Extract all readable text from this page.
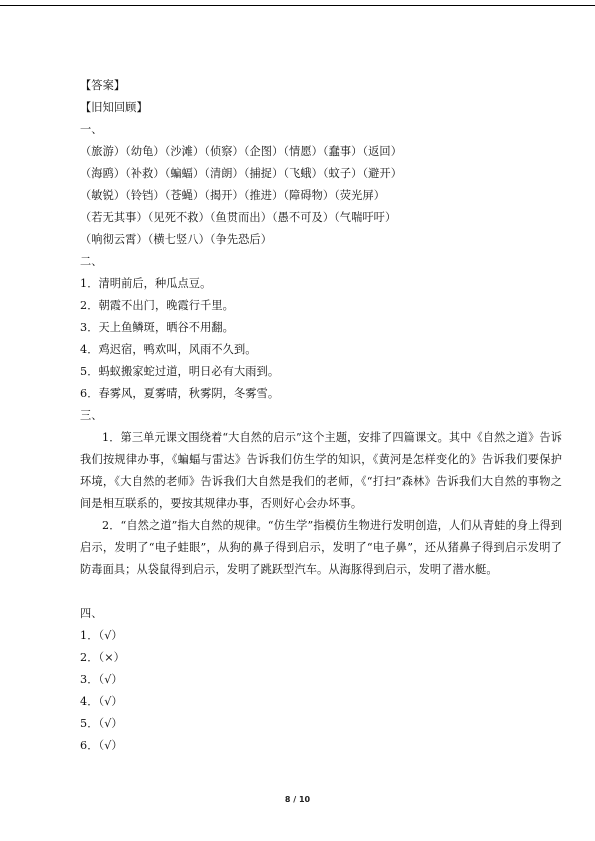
【答案】
【旧知回顾】
一、
（旅游）（幼龟）（沙滩）（侦察）（企图）（情愿）（蠢事）（返回）
（海鸥）（补救）（蝙蝠）（清朗）（捕捉）（飞蛾）（蚊子）（避开）
（敏锐）（铃铛）（苍蝇）（揭开）（推进）（障碍物）（荧光屏）
（若无其事）（见死不救）（鱼贯而出）（愚不可及）（气喘吁吁）
（响彻云霄）（横七竖八）（争先恐后）
二、
1．清明前后，种瓜点豆。
2．朝霞不出门，晚霞行千里。
3．天上鱼鳞斑，晒谷不用翻。
4．鸡迟宿，鸭欢叫，风雨不久到。
5．蚂蚁搬家蛇过道，明日必有大雨到。
6．春雾风，夏雾晴，秋雾阴，冬雾雪。
三、
1．第三单元课文围绕着“大自然的启示”这个主题，安排了四篇课文。其中《自然之道》告诉我们按规律办事，《蝙蝠与雷达》告诉我们仿生学的知识，《黄河是怎样变化的》告诉我们要保护环境，《大自然的老师》告诉我们大自然是我们的老师，《“打扫”森林》告诉我们大自然的事物之间是相互联系的，要按其规律办事，否则好心会办坏事。
2．“自然之道”指大自然的规律。“仿生学”指模仿生物进行发明创造，人们从青蛙的身上得到启示，发明了“电子蛙眼”，从狗的鼻子得到启示，发明了“电子鼻”，还从猪鼻子得到启示发明了防毒面具；从袋鼠得到启示，发明了跳跃型汽车。从海豚得到启示，发明了潜水艇。
四、
1．（√）
2．（×）
3．（√）
4．（√）
5．（√）
6．（√）
8 / 10
